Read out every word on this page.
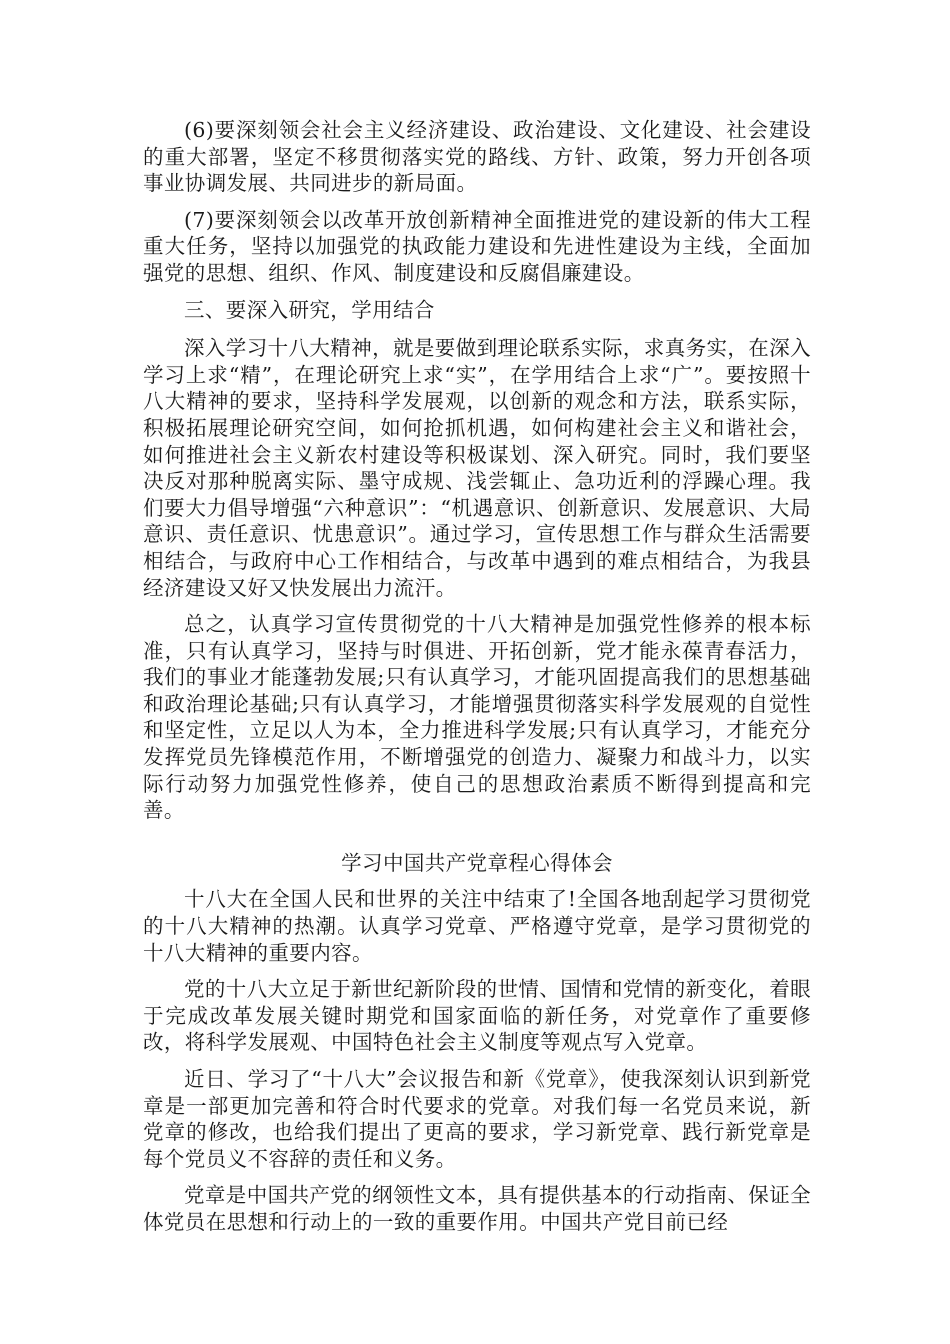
(6)要深刻领会社会主义经济建设、政治建设、文化建设、社会建设的重大部署，坚定不移贯彻落实党的路线、方针、政策，努力开创各项事业协调发展、共同进步的新局面。

(7)要深刻领会以改革开放创新精神全面推进党的建设新的伟大工程重大任务，坚持以加强党的执政能力建设和先进性建设为主线，全面加强党的思想、组织、作风、制度建设和反腐倡廉建设。

三、要深入研究，学用结合

深入学习十八大精神，就是要做到理论联系实际，求真务实，在深入学习上求“精”，在理论研究上求“实”，在学用结合上求“广”。要按照十八大精神的要求，坚持科学发展观，以创新的观念和方法，联系实际，积极拓展理论研究空间，如何抢抓机遇，如何构建社会主义和谐社会，如何推进社会主义新农村建设等积极谋划、深入研究。同时，我们要坚决反对那种脱离实际、墨守成规、浅尝辄止、急功近利的浮躁心理。我们要大力倡导增强“六种意识”：“机遇意识、创新意识、发展意识、大局意识、责任意识、忧患意识”。通过学习，宣传思想工作与群众生活需要相结合，与政府中心工作相结合，与改革中遇到的难点相结合，为我县经济建设又好又快发展出力流汗。

总之，认真学习宣传贯彻党的十八大精神是加强党性修养的根本标准，只有认真学习，坚持与时俱进、开拓创新，党才能永葆青春活力，我们的事业才能蓬勃发展;只有认真学习，才能巩固提高我们的思想基础和政治理论基础;只有认真学习，才能增强贯彻落实科学发展观的自觉性和坚定性，立足以人为本，全力推进科学发展;只有认真学习，才能充分发挥党员先锋模范作用，不断增强党的创造力、凝聚力和战斗力，以实际行动努力加强党性修养，使自己的思想政治素质不断得到提高和完善。

学习中国共产党章程心得体会

十八大在全国人民和世界的关注中结束了!全国各地刮起学习贯彻党的十八大精神的热潮。认真学习党章、严格遵守党章，是学习贯彻党的十八大精神的重要内容。

党的十八大立足于新世纪新阶段的世情、国情和党情的新变化，着眼于完成改革发展关键时期党和国家面临的新任务，对党章作了重要修改，将科学发展观、中国特色社会主义制度等观点写入党章。

近日、学习了“十八大”会议报告和新《党章》，使我深刻认识到新党章是一部更加完善和符合时代要求的党章。对我们每一名党员来说，新党章的修改，也给我们提出了更高的要求，学习新党章、践行新党章是每个党员义不容辞的责任和义务。

党章是中国共产党的纲领性文本，具有提供基本的行动指南、保证全体党员在思想和行动上的一致的重要作用。中国共产党目前已经
